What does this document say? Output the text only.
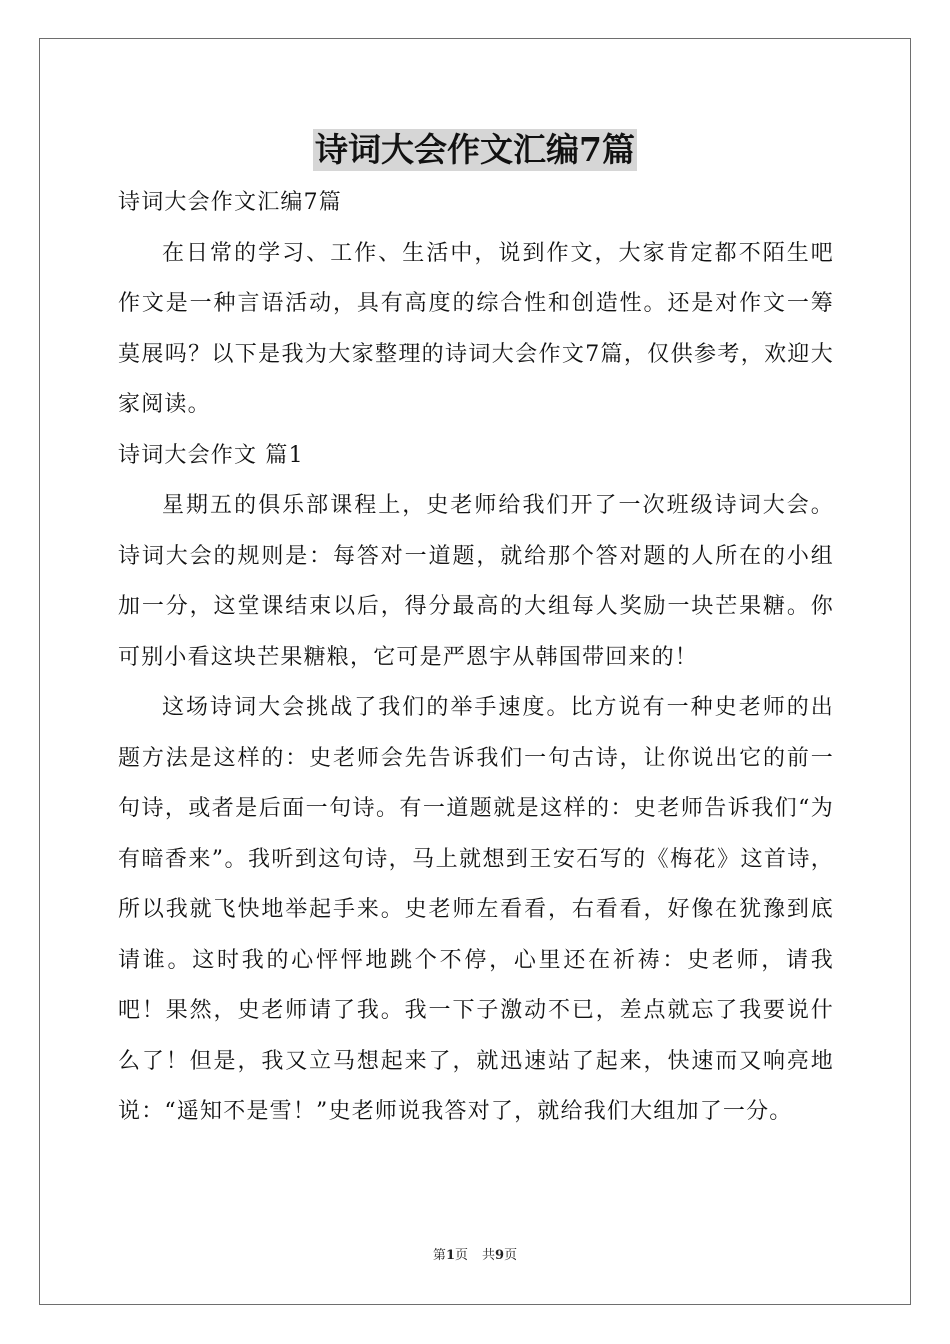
诗词大会作文汇编7篇

诗词大会作文汇编7篇

在日常的学习、工作、生活中，说到作文，大家肯定都不陌生吧作文是一种言语活动，具有高度的综合性和创造性。还是对作文一筹莫展吗？以下是我为大家整理的诗词大会作文7篇，仅供参考，欢迎大家阅读。

诗词大会作文 篇1

星期五的俱乐部课程上，史老师给我们开了一次班级诗词大会。诗词大会的规则是：每答对一道题，就给那个答对题的人所在的小组加一分，这堂课结束以后，得分最高的大组每人奖励一块芒果糖。你可别小看这块芒果糖粮，它可是严恩宇从韩国带回来的！

这场诗词大会挑战了我们的举手速度。比方说有一种史老师的出题方法是这样的：史老师会先告诉我们一句古诗，让你说出它的前一句诗，或者是后面一句诗。有一道题就是这样的：史老师告诉我们“为有暗香来”。我听到这句诗，马上就想到王安石写的《梅花》这首诗，所以我就飞快地举起手来。史老师左看看，右看看，好像在犹豫到底请谁。这时我的心怦怦地跳个不停，心里还在祈祷：史老师，请我吧！果然，史老师请了我。我一下子激动不已，差点就忘了我要说什么了！但是，我又立马想起来了，就迅速站了起来，快速而又响亮地说：“遥知不是雪！”史老师说我答对了，就给我们大组加了一分。

第1页 共9页
